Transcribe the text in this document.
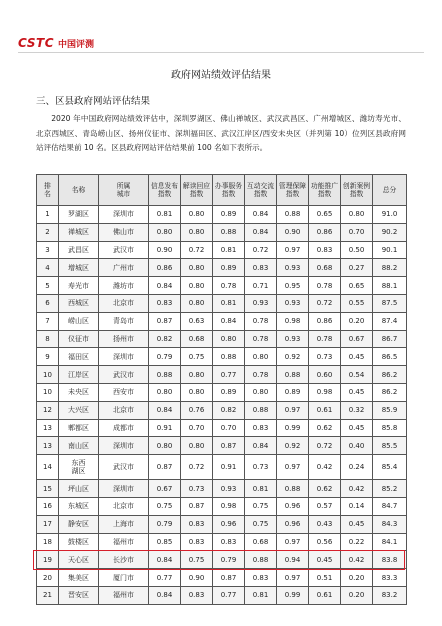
CSTC 中国评测
政府网站绩效评估结果
三、区县政府网站评估结果
2020 年中国政府网站绩效评估中，深圳罗湖区、佛山禅城区、武汉武昌区、广州增城区、潍坊寿光市、北京西城区、青岛崂山区、扬州仪征市、深圳福田区、武汉江岸区/西安未央区（并列第 10）位列区县政府网站评估结果前 10 名。区县政府网站评估结果前 100 名如下表所示。
排名	名称	所属城市	信息发布指数	解读回应指数	办事服务指数	互动交流指数	管理保障指数	功能推广指数	创新案例指数	总分
1	罗湖区	深圳市	0.81	0.80	0.89	0.84	0.88	0.65	0.80	91.0
2	禅城区	佛山市	0.80	0.80	0.88	0.84	0.90	0.86	0.70	90.2
3	武昌区	武汉市	0.90	0.72	0.81	0.72	0.97	0.83	0.50	90.1
4	增城区	广州市	0.86	0.80	0.89	0.83	0.93	0.68	0.27	88.2
5	寿光市	潍坊市	0.84	0.80	0.78	0.71	0.95	0.78	0.65	88.1
6	西城区	北京市	0.83	0.80	0.81	0.93	0.93	0.72	0.55	87.5
7	崂山区	青岛市	0.87	0.63	0.84	0.78	0.98	0.86	0.20	87.4
8	仪征市	扬州市	0.82	0.68	0.80	0.78	0.93	0.78	0.67	86.7
9	福田区	深圳市	0.79	0.75	0.88	0.80	0.92	0.73	0.45	86.5
10	江岸区	武汉市	0.88	0.80	0.77	0.78	0.88	0.60	0.54	86.2
10	未央区	西安市	0.80	0.80	0.89	0.80	0.89	0.98	0.45	86.2
12	大兴区	北京市	0.84	0.76	0.82	0.88	0.97	0.61	0.32	85.9
13	郫都区	成都市	0.91	0.70	0.70	0.83	0.99	0.62	0.45	85.8
13	南山区	深圳市	0.80	0.80	0.87	0.84	0.92	0.72	0.40	85.5
14	东西湖区	武汉市	0.87	0.72	0.91	0.73	0.97	0.42	0.24	85.4
15	坪山区	深圳市	0.67	0.73	0.93	0.81	0.88	0.62	0.42	85.2
16	东城区	北京市	0.75	0.87	0.98	0.75	0.96	0.57	0.14	84.7
17	静安区	上海市	0.79	0.83	0.96	0.75	0.96	0.43	0.45	84.3
18	鼓楼区	福州市	0.85	0.83	0.83	0.68	0.97	0.56	0.22	84.1
19	天心区	长沙市	0.84	0.75	0.79	0.88	0.94	0.45	0.42	83.8
20	集美区	厦门市	0.77	0.90	0.87	0.83	0.97	0.51	0.20	83.3
21	晋安区	福州市	0.84	0.83	0.77	0.81	0.99	0.61	0.20	83.2
